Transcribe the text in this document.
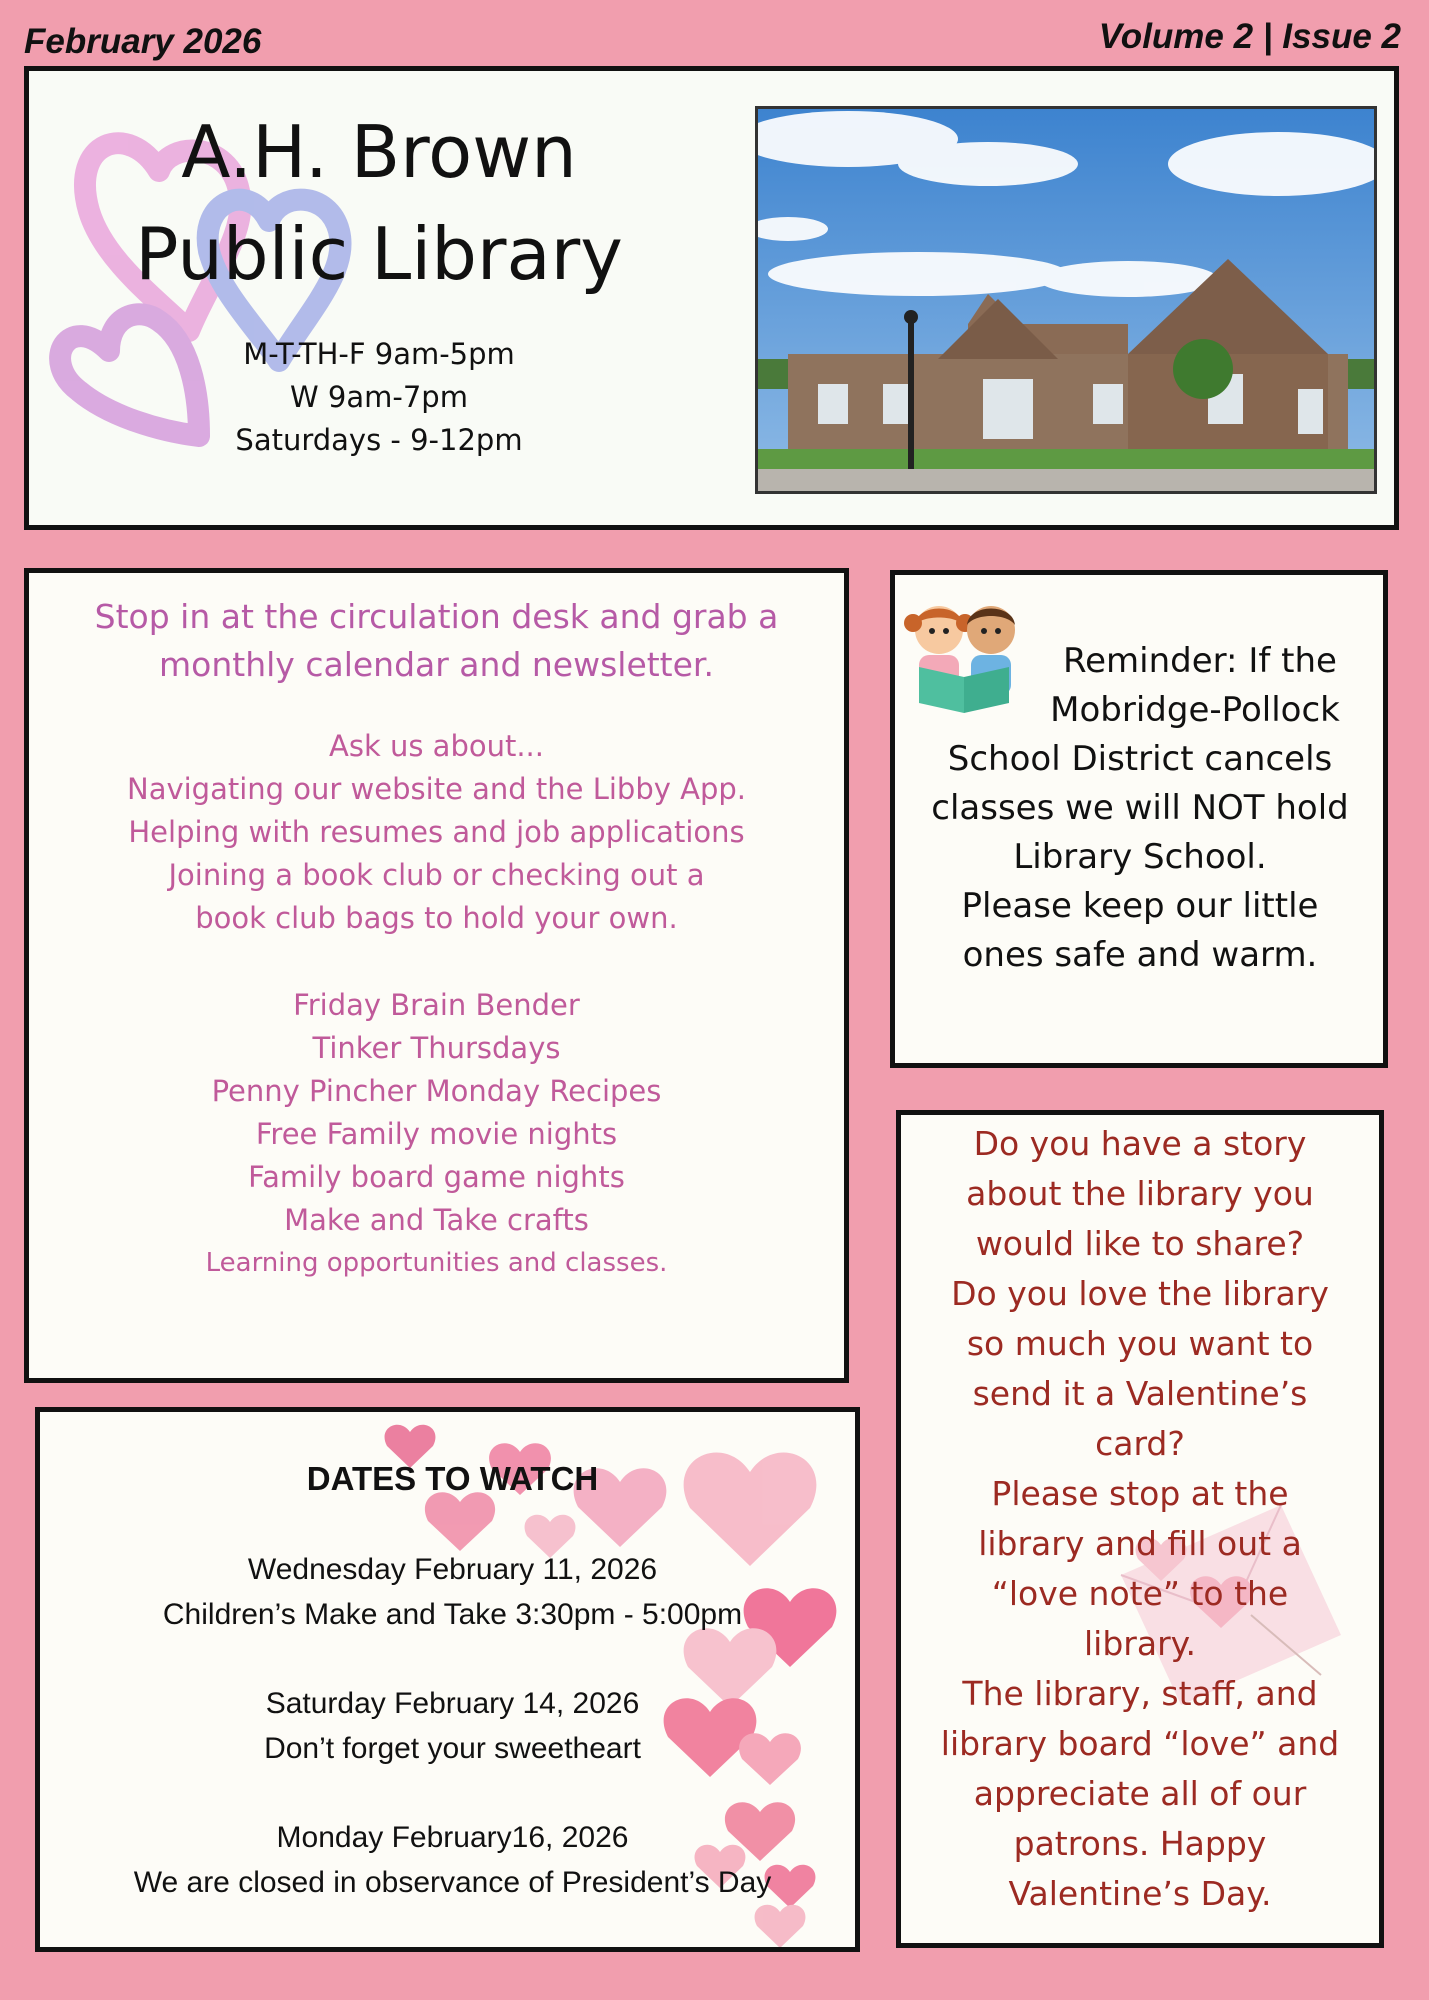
February 2026	Volume 2 | Issue 2
A.H. Brown
Public Library
M-T-TH-F 9am-5pm
W 9am-7pm
Saturdays - 9-12pm

Stop in at the circulation desk and grab a
monthly calendar and newsletter.

Ask us about...

Navigating our website and the Libby App.

Helping with resumes and job applications

Joining a book club or checking out a

book club bags to hold your own.

Friday Brain Bender

Tinker Thursdays

Penny Pincher Monday Recipes

Free Family movie nights

Family board game nights

Make and Take crafts

Learning opportunities and classes.

Reminder: If the
Mobridge-Pollock
School District cancels
classes we will NOT hold
Library School.
Please keep our little
ones safe and warm.
DATES TO WATCH

Wednesday February 11, 2026

Children’s Make and Take 3:30pm - 5:00pm

Saturday February 14, 2026

Don’t forget your sweetheart

Monday February16, 2026

We are closed in observance of President’s Day

Do you have a story
about the library you
would like to share?
Do you love the library
so much you want to
send it a Valentine’s
card?
Please stop at the
library and fill out a
“love note” to the
library.
The library, staff, and
library board “love” and
appreciate all of our
patrons. Happy
Valentine’s Day.
